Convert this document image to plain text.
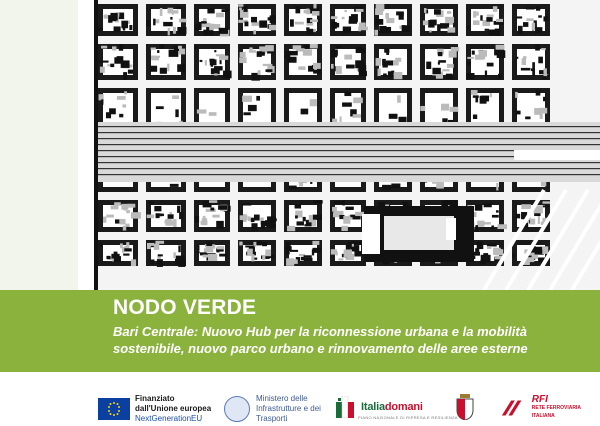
NODO VERDE
Bari Centrale: Nuovo Hub per la riconnessione urbana e la mobilità sostenibile, nuovo parco urbano e rinnovamento delle aree esterne
Finanziato
dall'Unione europea
NextGenerationEU
Ministero delle
Infrastrutture e dei
Trasporti
Italiadomani
PIANO NAZIONALE DI RIPRESA E RESILIENZA
RFI
RETE FERROVIARIA ITALIANA
